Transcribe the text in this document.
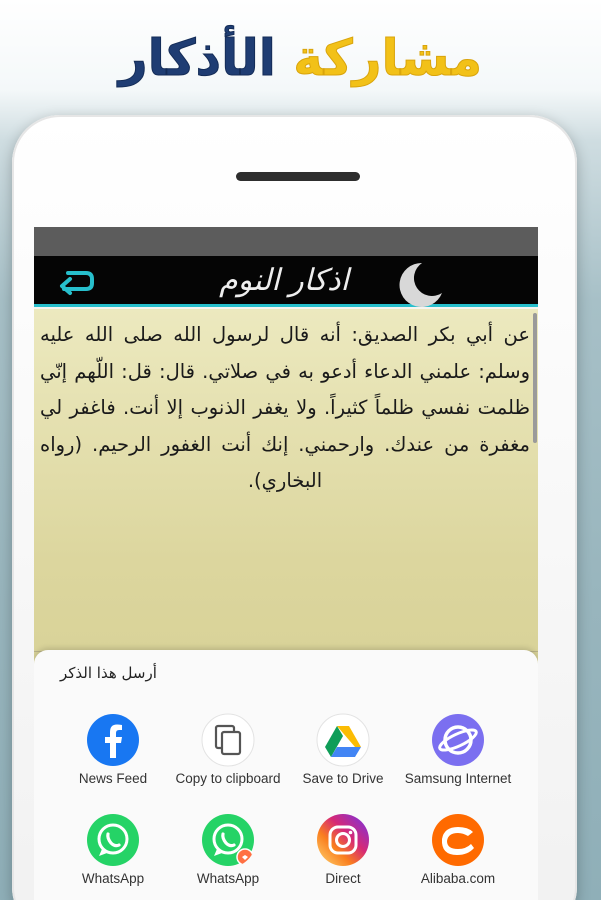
مشاركة الأذكار
اذكار النوم
عن أبي بكر الصديق: أنه قال لرسول الله صلى الله عليه وسلم: علمني الدعاء أدعو به في صلاتي. قال: قل: اللّهم إنّي ظلمت نفسي ظلماً كثيراً. ولا يغفر الذنوب إلا أنت. فاغفر لي مغفرة من عندك. وارحمني. إنك أنت الغفور الرحيم. (رواه البخاري).
أرسل هذا الذكر
News Feed	Copy to clipboard	Save to Drive	Samsung Internet
WhatsApp	WhatsApp	Direct	Alibaba.com
